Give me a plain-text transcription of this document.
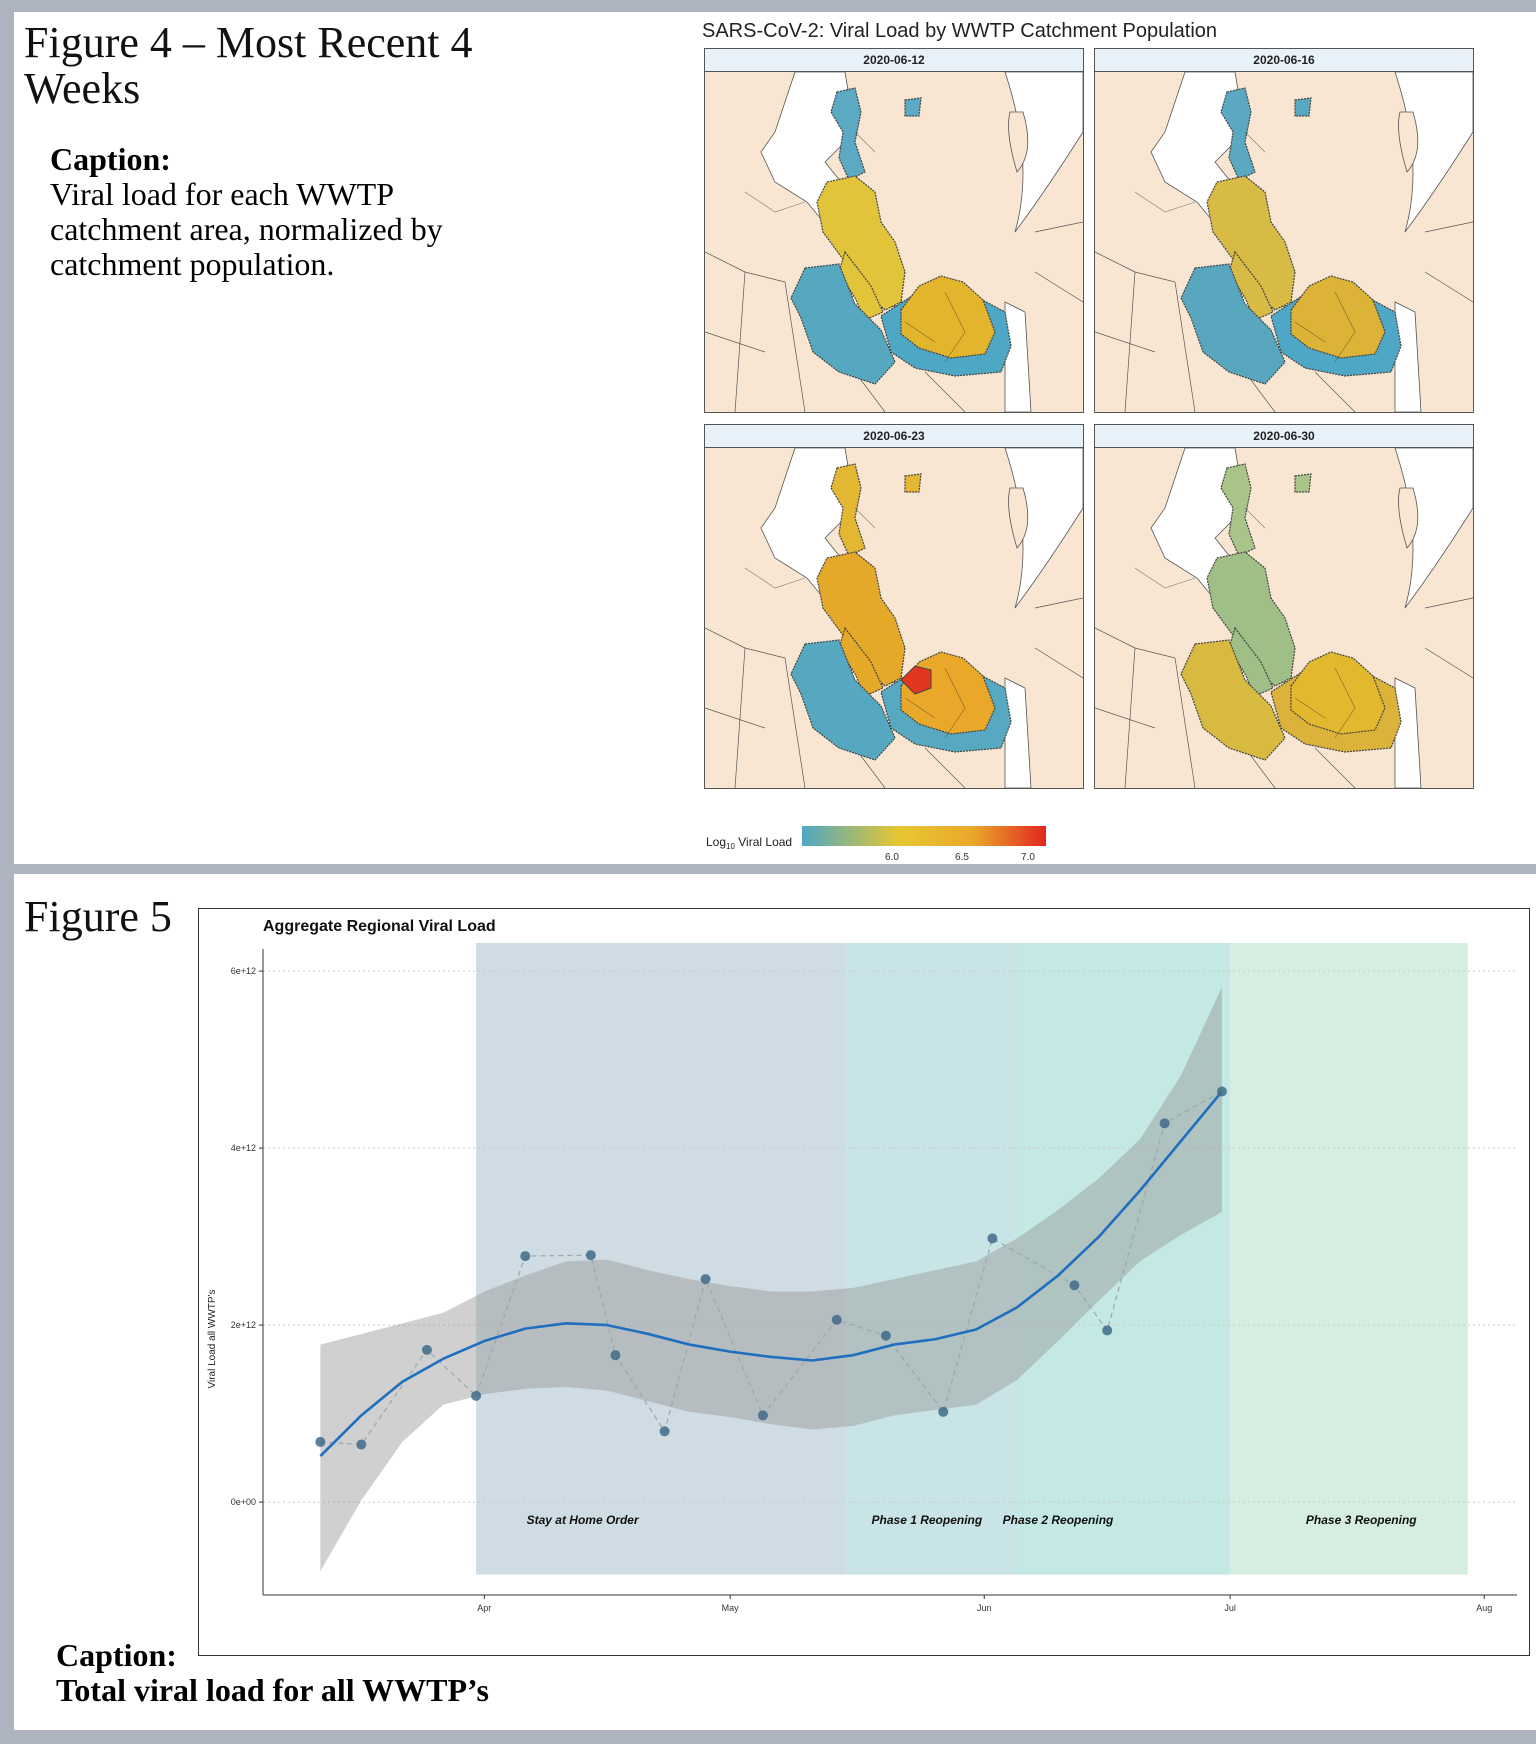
Figure 4 – Most Recent 4 Weeks
Caption:
Viral load for each WWTP catchment area, normalized by catchment population.
SARS-CoV-2: Viral Load by WWTP Catchment Population
2020-06-12	2020-06-16
2020-06-23	2020-06-30
Log$_{10}$ Viral Load
6.0	6.5	7.0
Figure 5	Aggregate Regional Viral Load
Viral Load all WWTP's
0e+00
2e+12
4e+12
6e+12
Apr	May	Jun	Jul	Aug
Stay at Home Order	Phase 1 Reopening Phase 2 Reopening	Phase 3 Reopening
Caption:
Total viral load for all WWTP’s
